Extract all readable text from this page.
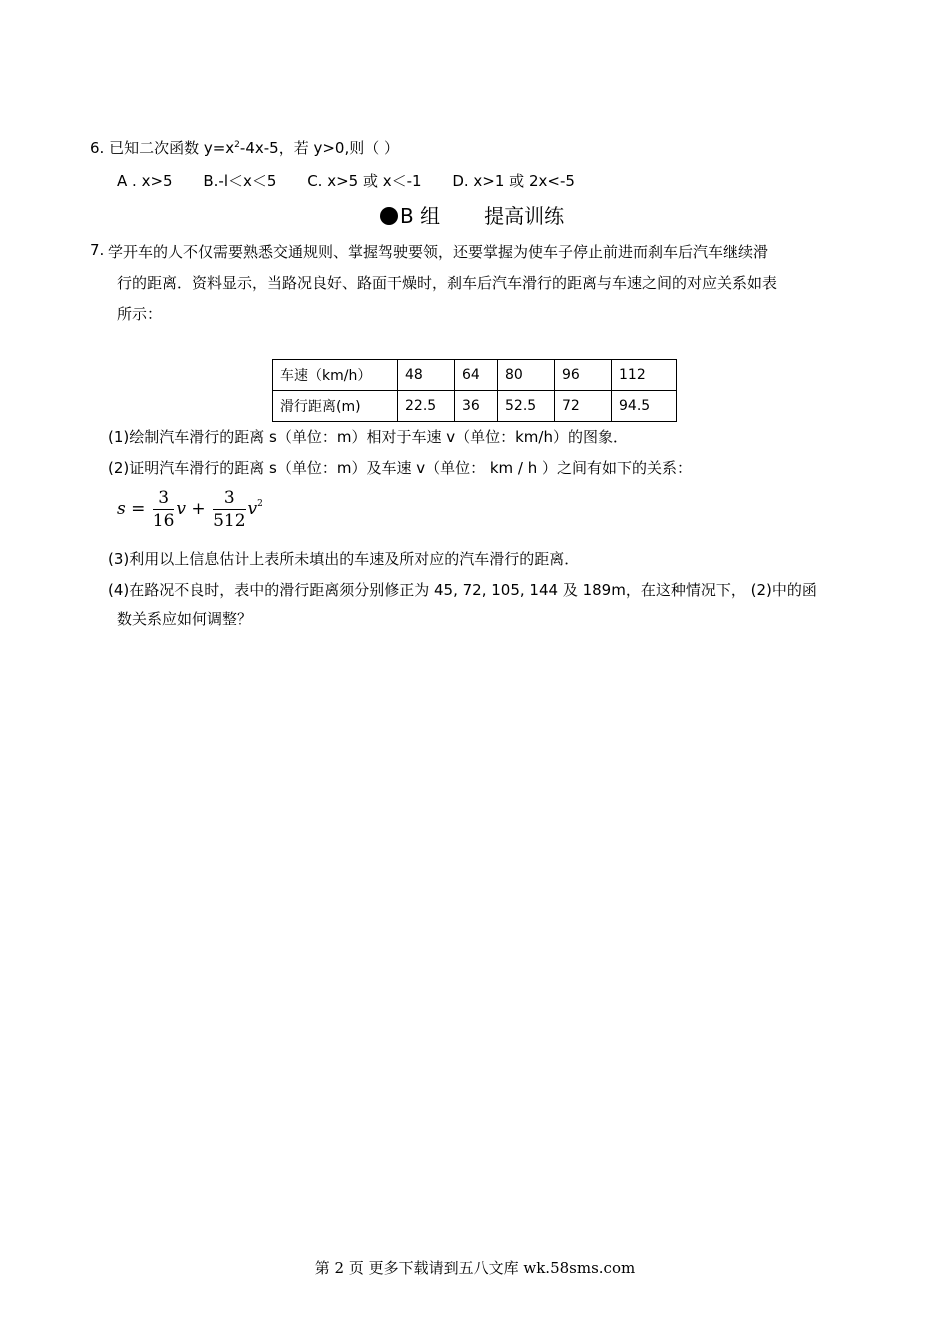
6. 已知二次函数 $y=x^2-4x-5$，若 y>0,则（ ）
A . x>5 B.-l＜x＜5 C. x>5 或 x＜-1 D. x>1 或 2x<-5
B 组 提高训练
7. 学开车的人不仅需要熟悉交通规则、掌握驾驶要领，还要掌握为使车子停止前进而刹车后汽车继续滑
行的距离．资料显示，当路况良好、路面干燥时，刹车后汽车滑行的距离与车速之间的对应关系如表
所示：
车速（km/h）	48	64	80	96	112
滑行距离(m)	22.5	36	52.5	72	94.5
(1)绘制汽车滑行的距离 s（单位：m）相对于车速 v（单位：km/h）的图象．
(2)证明汽车滑行的距离 s（单位：m）及车速 v（单位： km / h ）之间有如下的关系：
$s = \frac{3}{16}$ $v + \frac{3}{512} v^2$
(3)利用以上信息估计上表所未填出的车速及所对应的汽车滑行的距离．
(4)在路况不良时，表中的滑行距离须分别修正为 45, 72, 105, 144 及 189m，在这种情况下， (2)中的函
数关系应如何调整？
第 2 页 更多下载请到五八文库 wk.58sms.com
